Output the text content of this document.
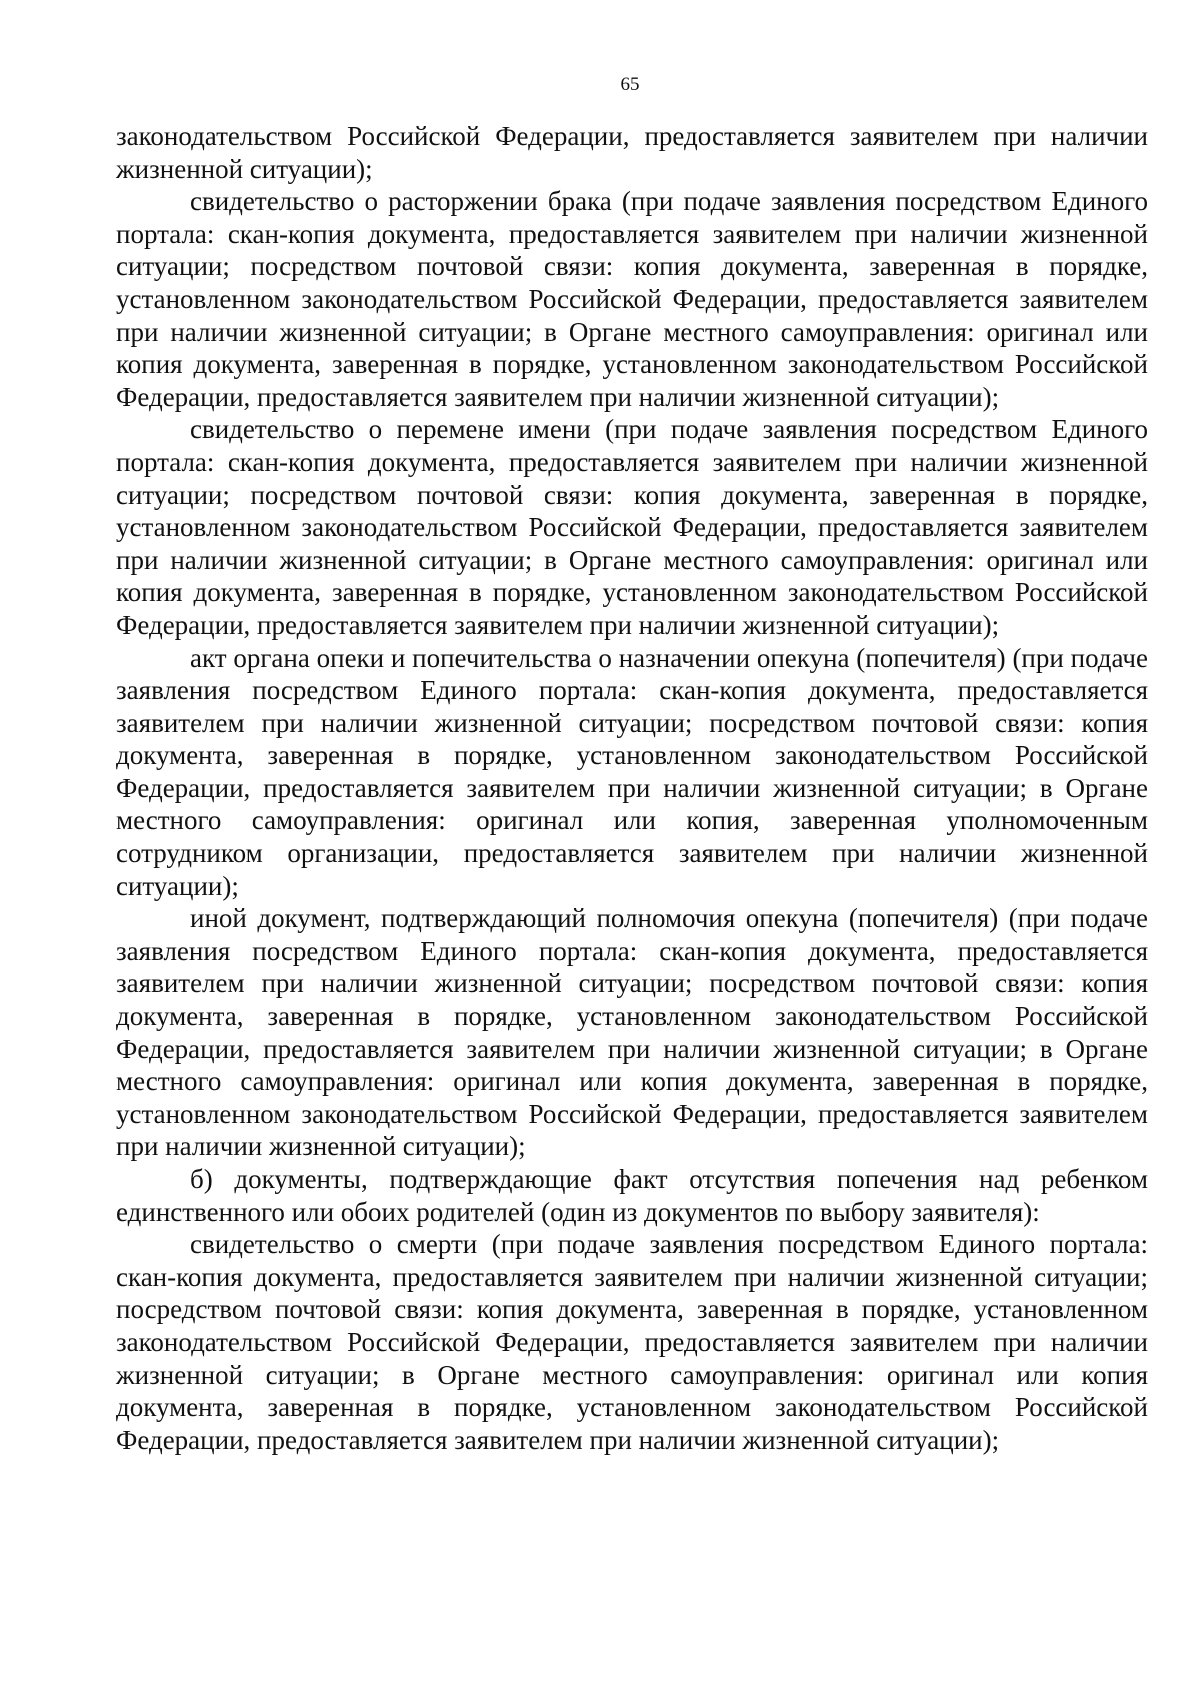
65

законодательством Российской Федерации, предоставляется заявителем при наличии жизненной ситуации);

свидетельство о расторжении брака (при подаче заявления посредством Единого портала: скан-копия документа, предоставляется заявителем при наличии жизненной ситуации; посредством почтовой связи: копия документа, заверенная в порядке, установленном законодательством Российской Федерации, предоставляется заявителем при наличии жизненной ситуации; в Органе местного самоуправления: оригинал или копия документа, заверенная в порядке, установленном законодательством Российской Федерации, предоставляется заявителем при наличии жизненной ситуации);

свидетельство о перемене имени (при подаче заявления посредством Единого портала: скан-копия документа, предоставляется заявителем при наличии жизненной ситуации; посредством почтовой связи: копия документа, заверенная в порядке, установленном законодательством Российской Федерации, предоставляется заявителем при наличии жизненной ситуации; в Органе местного самоуправления: оригинал или копия документа, заверенная в порядке, установленном законодательством Российской Федерации, предоставляется заявителем при наличии жизненной ситуации);

акт органа опеки и попечительства о назначении опекуна (попечителя) (при подаче заявления посредством Единого портала: скан-копия документа, предоставляется заявителем при наличии жизненной ситуации; посредством почтовой связи: копия документа, заверенная в порядке, установленном законодательством Российской Федерации, предоставляется заявителем при наличии жизненной ситуации; в Органе местного самоуправления: оригинал или копия, заверенная уполномоченным сотрудником организации, предоставляется заявителем при наличии жизненной ситуации);

иной документ, подтверждающий полномочия опекуна (попечителя) (при подаче заявления посредством Единого портала: скан-копия документа, предоставляется заявителем при наличии жизненной ситуации; посредством почтовой связи: копия документа, заверенная в порядке, установленном законодательством Российской Федерации, предоставляется заявителем при наличии жизненной ситуации; в Органе местного самоуправления: оригинал или копия документа, заверенная в порядке, установленном законодательством Российской Федерации, предоставляется заявителем при наличии жизненной ситуации);

б) документы, подтверждающие факт отсутствия попечения над ребенком единственного или обоих родителей (один из документов по выбору заявителя):

свидетельство о смерти (при подаче заявления посредством Единого портала: скан-копия документа, предоставляется заявителем при наличии жизненной ситуации; посредством почтовой связи: копия документа, заверенная в порядке, установленном законодательством Российской Федерации, предоставляется заявителем при наличии жизненной ситуации; в Органе местного самоуправления: оригинал или копия документа, заверенная в порядке, установленном законодательством Российской Федерации, предоставляется заявителем при наличии жизненной ситуации);
